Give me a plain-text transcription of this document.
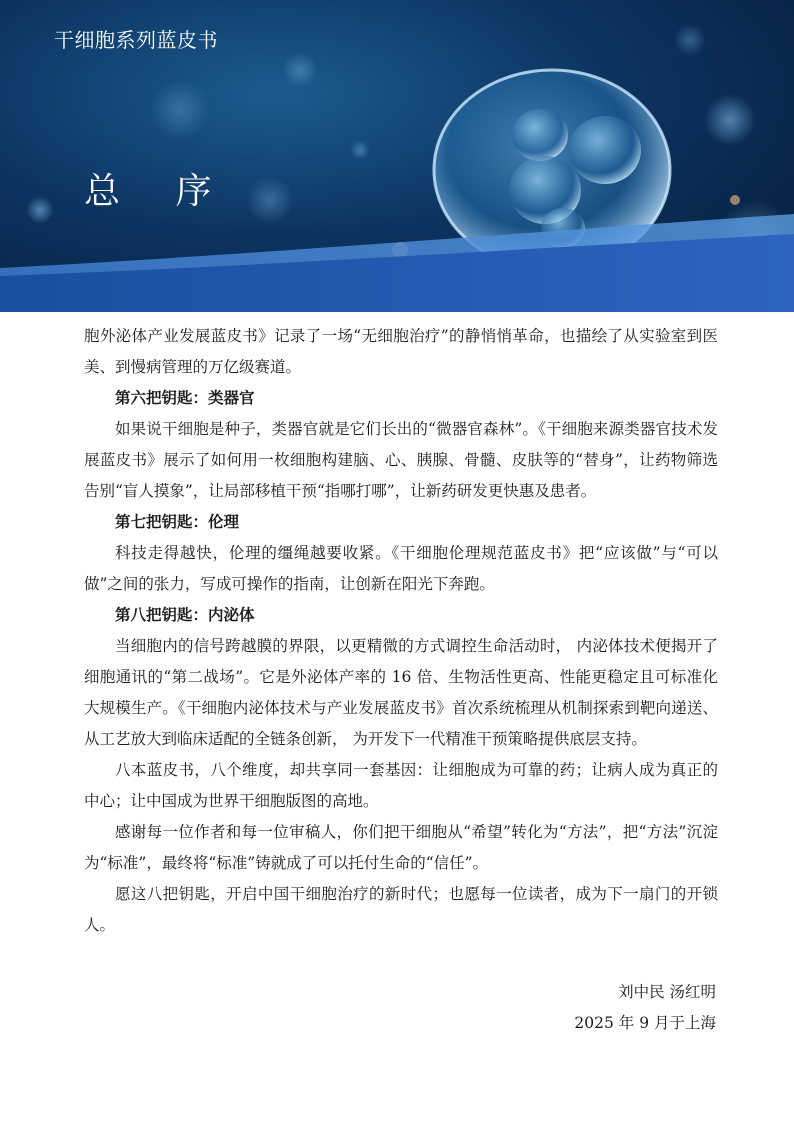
干细胞系列蓝皮书
总 序

胞外泌体产业发展蓝皮书》记录了一场“无细胞治疗”的静悄悄革命，也描绘了从实验室到医美、到慢病管理的万亿级赛道。

第六把钥匙：类器官

如果说干细胞是种子，类器官就是它们长出的“微器官森林”。《干细胞来源类器官技术发展蓝皮书》展示了如何用一枚细胞构建脑、心、胰腺、骨髓、皮肤等的“替身”，让药物筛选告别“盲人摸象”，让局部移植干预“指哪打哪”，让新药研发更快惠及患者。

第七把钥匙：伦理

科技走得越快，伦理的缰绳越要收紧。《干细胞伦理规范蓝皮书》把“应该做”与“可以做”之间的张力，写成可操作的指南，让创新在阳光下奔跑。

第八把钥匙：内泌体

当细胞内的信号跨越膜的界限，以更精微的方式调控生命活动时， 内泌体技术便揭开了细胞通讯的“第二战场”。它是外泌体产率的 16 倍、生物活性更高、性能更稳定且可标准化大规模生产。《干细胞内泌体技术与产业发展蓝皮书》首次系统梳理从机制探索到靶向递送、 从工艺放大到临床适配的全链条创新， 为开发下一代精准干预策略提供底层支持。

八本蓝皮书，八个维度，却共享同一套基因：让细胞成为可靠的药；让病人成为真正的中心；让中国成为世界干细胞版图的高地。

感谢每一位作者和每一位审稿人，你们把干细胞从“希望”转化为“方法”，把“方法”沉淀为“标准”，最终将“标准”铸就成了可以托付生命的“信任”。

愿这八把钥匙，开启中国干细胞治疗的新时代；也愿每一位读者，成为下一扇门的开锁人。

刘中民 汤红明
2025 年 9 月于上海
